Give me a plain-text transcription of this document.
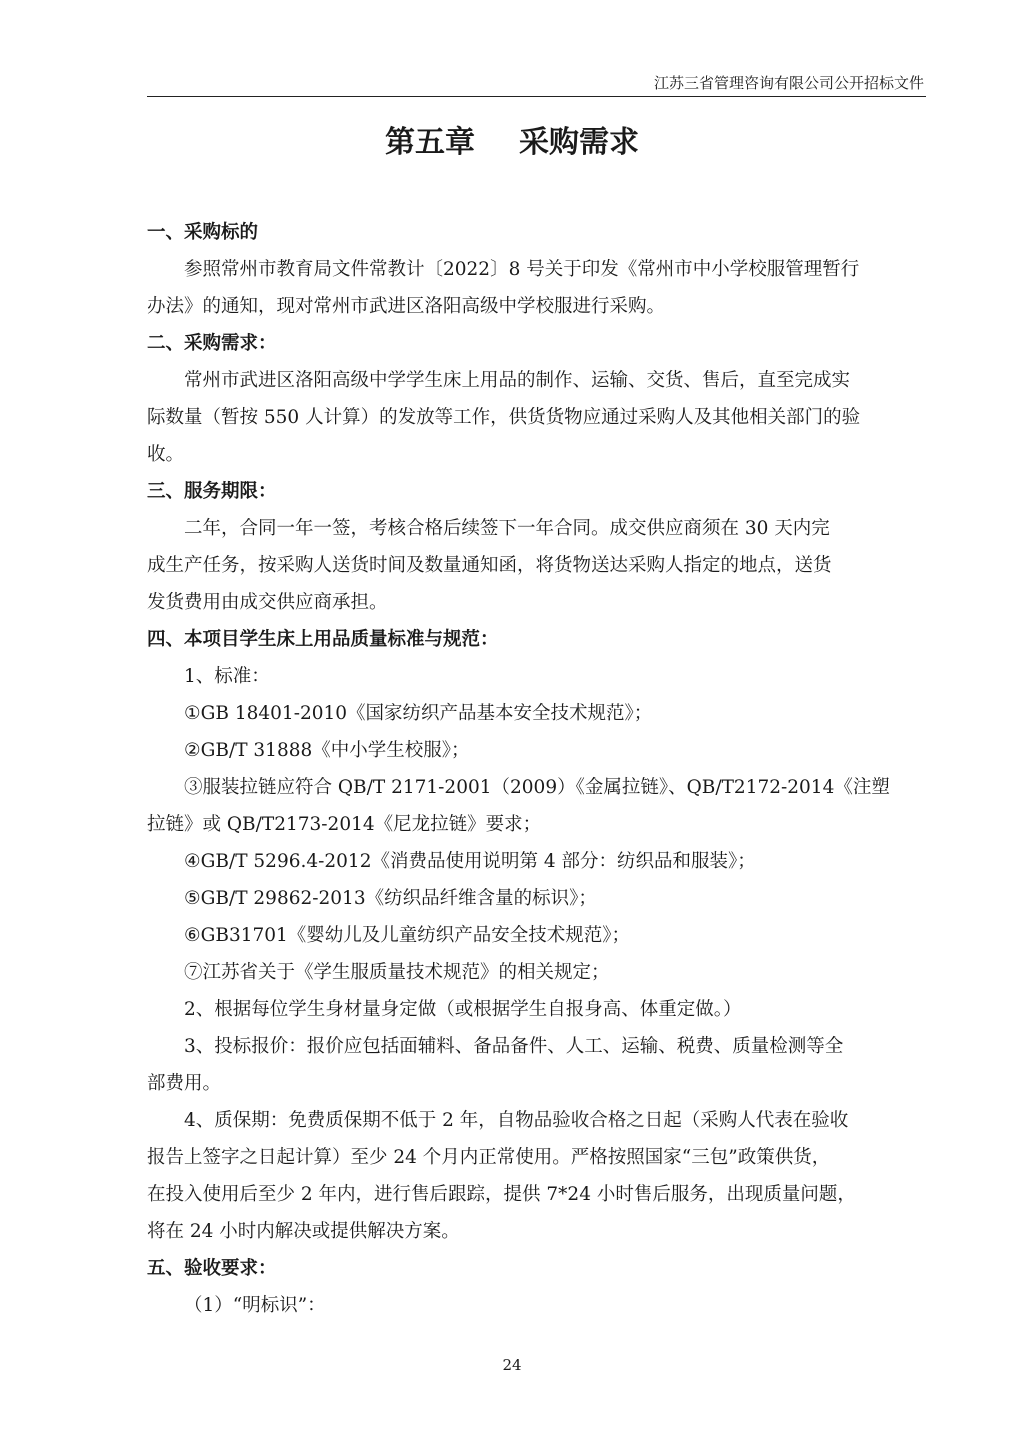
江苏三省管理咨询有限公司公开招标文件
第五章 采购需求
一、采购标的
参照常州市教育局文件常教计〔2022〕8 号关于印发《常州市中小学校服管理暂行
办法》的通知，现对常州市武进区洛阳高级中学校服进行采购。
二、采购需求：
常州市武进区洛阳高级中学学生床上用品的制作、运输、交货、售后，直至完成实
际数量（暂按 550 人计算）的发放等工作，供货货物应通过采购人及其他相关部门的验
收。
三、服务期限：
二年，合同一年一签，考核合格后续签下一年合同。成交供应商须在 30 天内完
成生产任务，按采购人送货时间及数量通知函，将货物送达采购人指定的地点，送货
发货费用由成交供应商承担。
四、本项目学生床上用品质量标准与规范：
1、标准：
①GB 18401-2010《国家纺织产品基本安全技术规范》；
②GB/T 31888《中小学生校服》；
③服装拉链应符合 QB/T 2171-2001（2009）《金属拉链》、QB/T2172-2014《注塑
拉链》或 QB/T2173-2014《尼龙拉链》要求；
④GB/T 5296.4-2012《消费品使用说明第 4 部分：纺织品和服装》；
⑤GB/T 29862-2013《纺织品纤维含量的标识》；
⑥GB31701《婴幼儿及儿童纺织产品安全技术规范》；
⑦江苏省关于《学生服质量技术规范》的相关规定；
2、根据每位学生身材量身定做（或根据学生自报身高、体重定做。）
3、投标报价：报价应包括面辅料、备品备件、人工、运输、税费、质量检测等全
部费用。
4、质保期：免费质保期不低于 2 年，自物品验收合格之日起（采购人代表在验收
报告上签字之日起计算）至少 24 个月内正常使用。严格按照国家“三包”政策供货，
在投入使用后至少 2 年内，进行售后跟踪，提供 7*24 小时售后服务，出现质量问题，
将在 24 小时内解决或提供解决方案。
五、验收要求：
（1）“明标识”：
24
